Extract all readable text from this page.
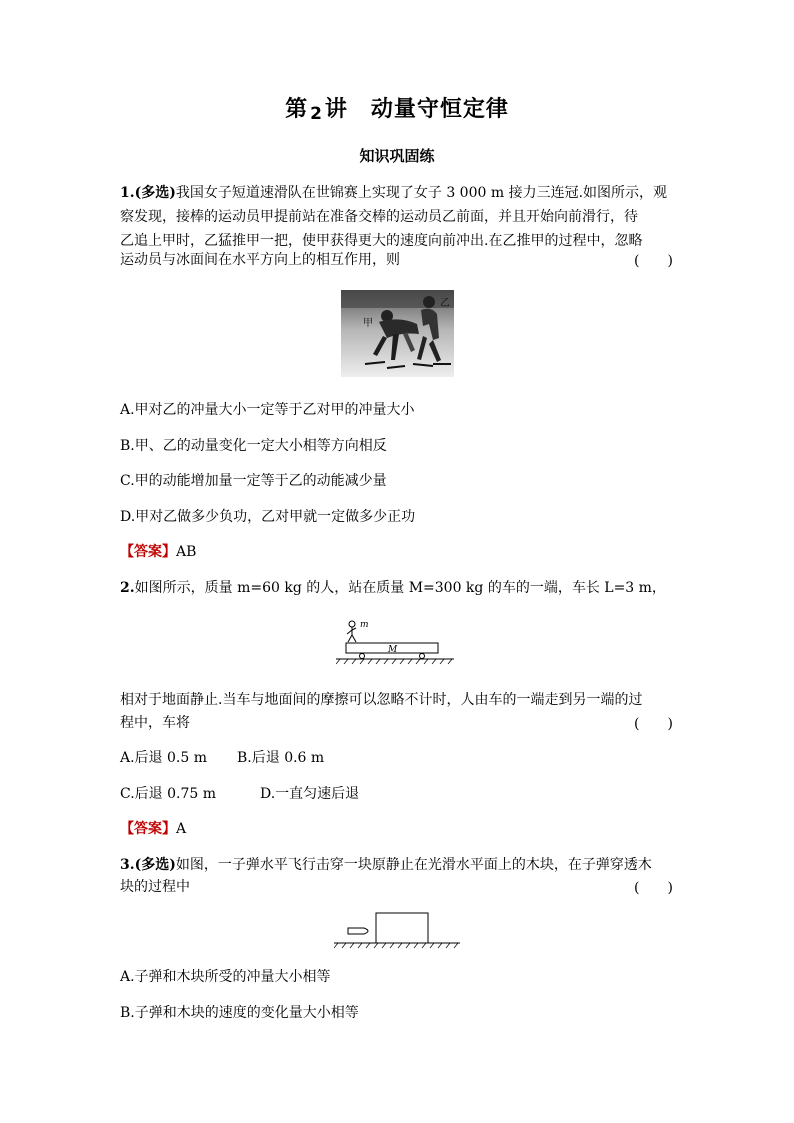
第 2讲　动量守恒定律
知识巩固练
1.(多选)我国女子短道速滑队在世锦赛上实现了女子 3 000 m 接力三连冠.如图所示，观
察发现，接棒的运动员甲提前站在准备交棒的运动员乙前面，并且开始向前滑行，待
乙追上甲时，乙猛推甲一把，使甲获得更大的速度向前冲出.在乙推甲的过程中，忽略
运动员与冰面间在水平方向上的相互作用，则	(　　)
甲
乙
A.甲对乙的冲量大小一定等于乙对甲的冲量大小
B.甲、乙的动量变化一定大小相等方向相反
C.甲的动能增加量一定等于乙的动能减少量
D.甲对乙做多少负功，乙对甲就一定做多少正功
【答案】AB
2.如图所示，质量 m=60 kg 的人，站在质量 M=300 kg 的车的一端，车长 L=3 m，
m
M
相对于地面静止.当车与地面间的摩擦可以忽略不计时，人由车的一端走到另一端的过
程中，车将	(　　)
A.后退 0.5 m B.后退 0.6 m
C.后退 0.75 m	D.一直匀速后退
【答案】A
3.(多选)如图，一子弹水平飞行击穿一块原静止在光滑水平面上的木块，在子弹穿透木
块的过程中	(　　)
A.子弹和木块所受的冲量大小相等
B.子弹和木块的速度的变化量大小相等
